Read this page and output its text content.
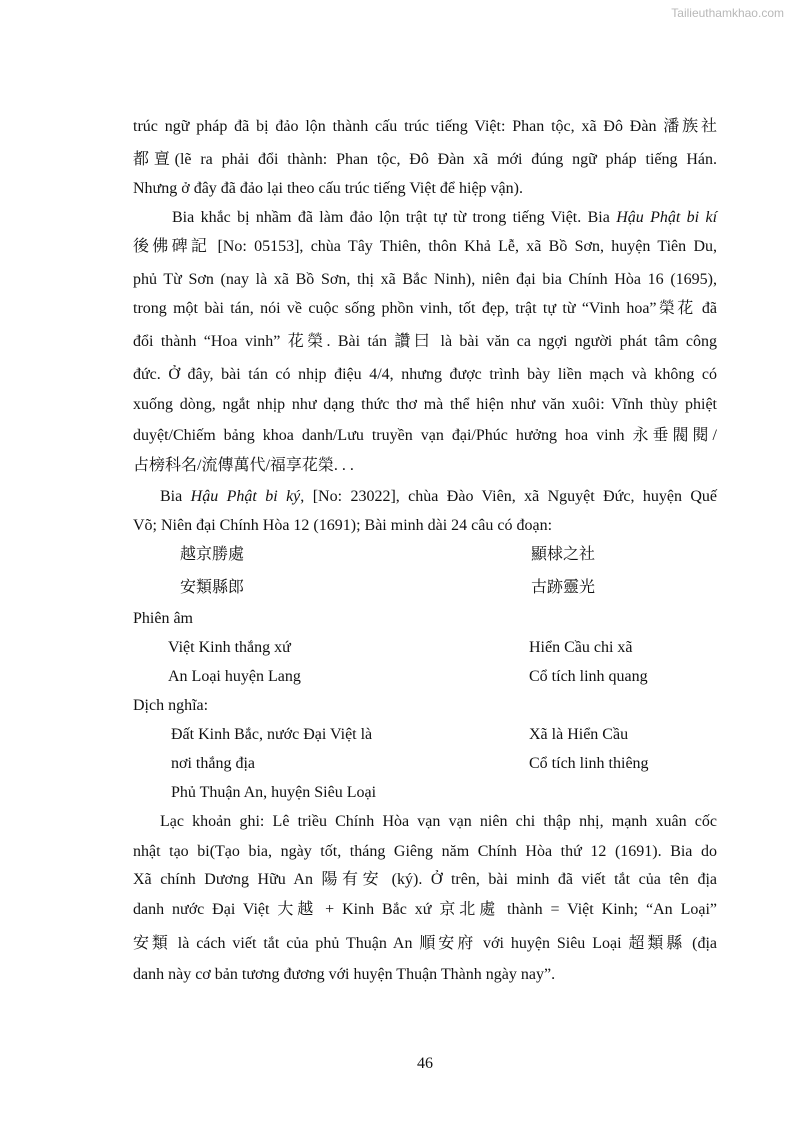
Tailieuthamkhao.com
trúc ngữ pháp đã bị đảo lộn thành cấu trúc tiếng Việt: Phan tộc, xã Đô Đàn 潘族社
都亶(lẽ ra phải đổi thành: Phan tộc, Đô Đàn xã mới đúng ngữ pháp tiếng Hán.
Nhưng ở đây đã đảo lại theo cấu trúc tiếng Việt để hiệp vận).
Bia khắc bị nhầm đã làm đảo lộn trật tự từ trong tiếng Việt. Bia Hậu Phật bi kí
後佛碑記 [No: 05153], chùa Tây Thiên, thôn Khả Lễ, xã Bồ Sơn, huyện Tiên Du,
phủ Từ Sơn (nay là xã Bồ Sơn, thị xã Bắc Ninh), niên đại bia Chính Hòa 16 (1695),
trong một bài tán, nói về cuộc sống phồn vinh, tốt đẹp, trật tự từ “Vinh hoa”榮花 đã
đổi thành “Hoa vinh” 花榮. Bài tán 讚曰 là bài văn ca ngợi người phát tâm công
đức. Ở đây, bài tán có nhịp điệu 4/4, nhưng được trình bày liền mạch và không có
xuống dòng, ngắt nhịp như dạng thức thơ mà thể hiện như văn xuôi: Vĩnh thùy phiệt
duyệt/Chiếm bảng khoa danh/Lưu truyền vạn đại/Phúc hưởng hoa vinh 永垂閥閱/
占榜科名/流傳萬代/福享花榮. . .
Bia Hậu Phật bi ký, [No: 23022], chùa Đào Viên, xã Nguyệt Đức, huyện Quế
Võ; Niên đại Chính Hòa 12 (1691); Bài minh dài 24 câu có đoạn:
越京勝處	顯梂之社
安類縣郎	古跡靈光
Phiên âm
Việt Kinh thắng xứ	Hiển Cầu chi xã
An Loại huyện Lang	Cổ tích linh quang
Dịch nghĩa:
Đất Kinh Bắc, nước Đại Việt là	Xã là Hiển Cầu
nơi thắng địa	Cổ tích linh thiêng
Phủ Thuận An, huyện Siêu Loại
Lạc khoản ghi: Lê triều Chính Hòa vạn vạn niên chi thập nhị, mạnh xuân cốc
nhật tạo bi(Tạo bia, ngày tốt, tháng Giêng năm Chính Hòa thứ 12 (1691). Bia do
Xã chính Dương Hữu An 陽有安 (ký). Ở trên, bài minh đã viết tắt của tên địa
danh nước Đại Việt 大越 + Kinh Bắc xứ 京北處 thành = Việt Kinh; “An Loại”
安類 là cách viết tắt của phủ Thuận An 順安府 với huyện Siêu Loại 超類縣 (địa
danh này cơ bản tương đương với huyện Thuận Thành ngày nay”.
46
